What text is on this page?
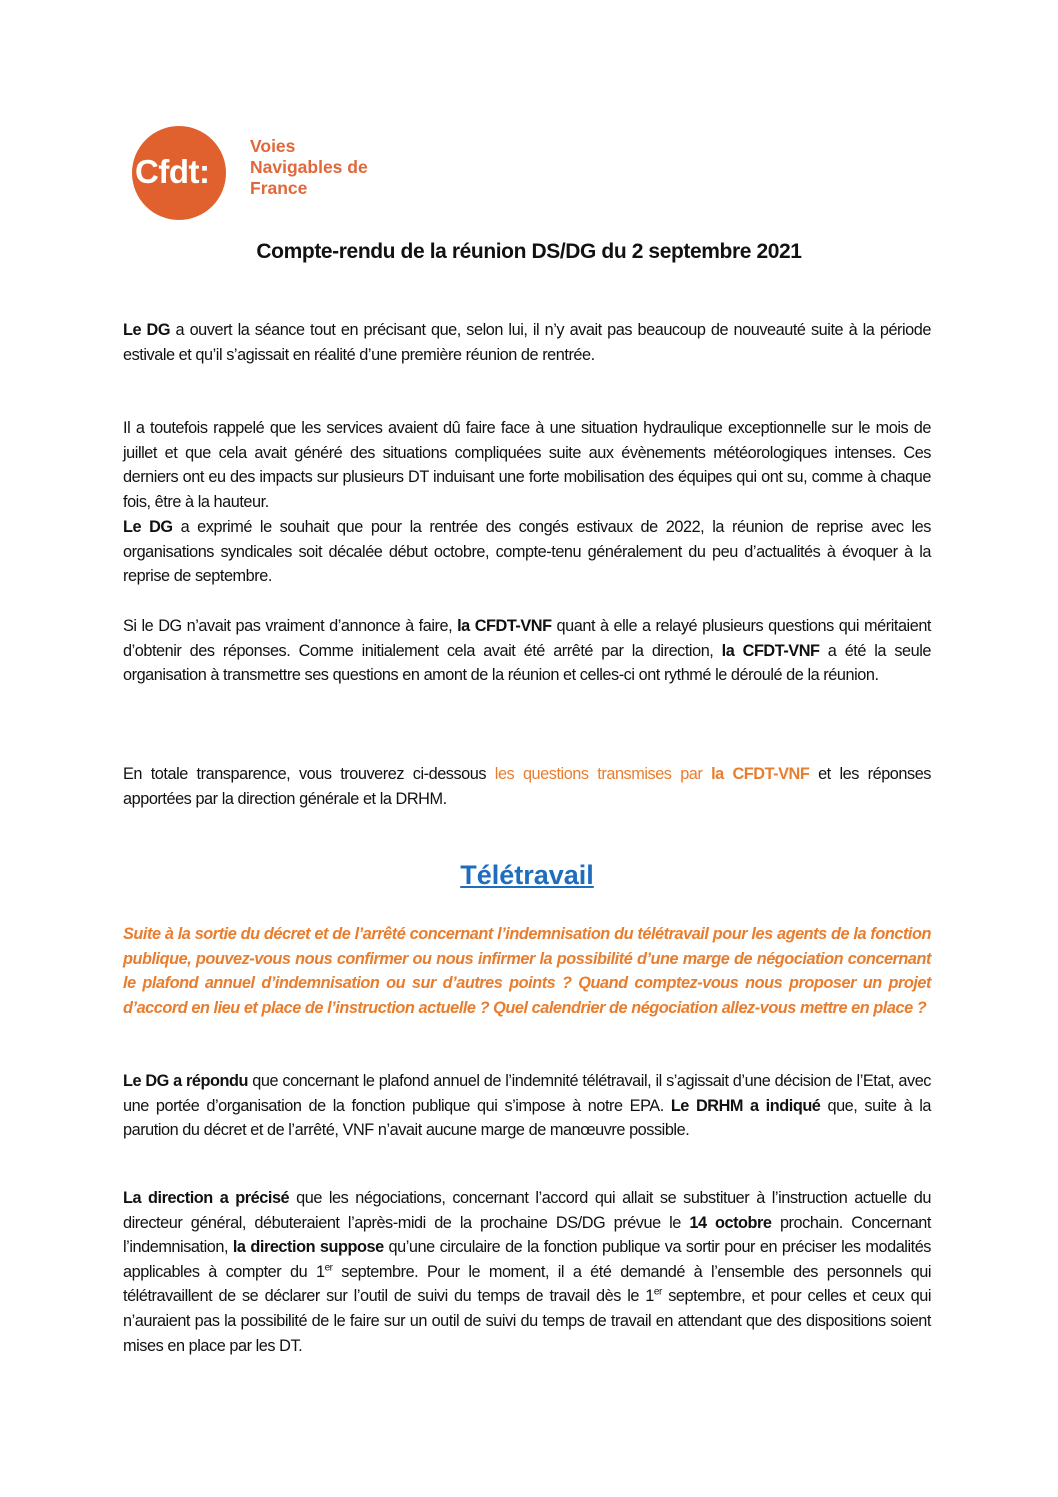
Cfdt:
Voies
Navigables de
France
Compte-rendu de la réunion DS/DG du 2 septembre 2021

Le DG a ouvert la séance tout en précisant que, selon lui, il n’y avait pas beaucoup de nouveauté suite à la période estivale et qu’il s’agissait en réalité d’une première réunion de rentrée.

Il a toutefois rappelé que les services avaient dû faire face à une situation hydraulique exceptionnelle sur le mois de juillet et que cela avait généré des situations compliquées suite aux évènements météorologiques intenses. Ces derniers ont eu des impacts sur plusieurs DT induisant une forte mobilisation des équipes qui ont su, comme à chaque fois, être à la hauteur.

Le DG a exprimé le souhait que pour la rentrée des congés estivaux de 2022, la réunion de reprise avec les organisations syndicales soit décalée début octobre, compte-tenu généralement du peu d’actualités à évoquer à la reprise de septembre.

Si le DG n’avait pas vraiment d’annonce à faire, la CFDT-VNF quant à elle a relayé plusieurs questions qui méritaient d’obtenir des réponses. Comme initialement cela avait été arrêté par la direction, la CFDT-VNF a été la seule organisation à transmettre ses questions en amont de la réunion et celles-ci ont rythmé le déroulé de la réunion.

En totale transparence, vous trouverez ci-dessous les questions transmises par la CFDT-VNF et les réponses apportées par la direction générale et la DRHM.

Télétravail

Suite à la sortie du décret et de l’arrêté concernant l’indemnisation du télétravail pour les agents de la fonction publique, pouvez-vous nous confirmer ou nous infirmer la possibilité d’une marge de négociation concernant le plafond annuel d’indemnisation ou sur d’autres points ? Quand comptez-vous nous proposer un projet d’accord en lieu et place de l’instruction actuelle ? Quel calendrier de négociation allez-vous mettre en place ?

Le DG a répondu que concernant le plafond annuel de l’indemnité télétravail, il s’agissait d’une décision de l’Etat, avec une portée d’organisation de la fonction publique qui s’impose à notre EPA. Le DRHM a indiqué que, suite à la parution du décret et de l’arrêté, VNF n’avait aucune marge de manœuvre possible.

La direction a précisé que les négociations, concernant l’accord qui allait se substituer à l’instruction actuelle du directeur général, débuteraient l’après-midi de la prochaine DS/DG prévue le 14 octobre prochain. Concernant l’indemnisation, la direction suppose qu’une circulaire de la fonction publique va sortir pour en préciser les modalités applicables à compter du 1er septembre. Pour le moment, il a été demandé à l’ensemble des personnels qui télétravaillent de se déclarer sur l’outil de suivi du temps de travail dès le 1er septembre, et pour celles et ceux qui n’auraient pas la possibilité de le faire sur un outil de suivi du temps de travail en attendant que des dispositions soient mises en place par les DT.
